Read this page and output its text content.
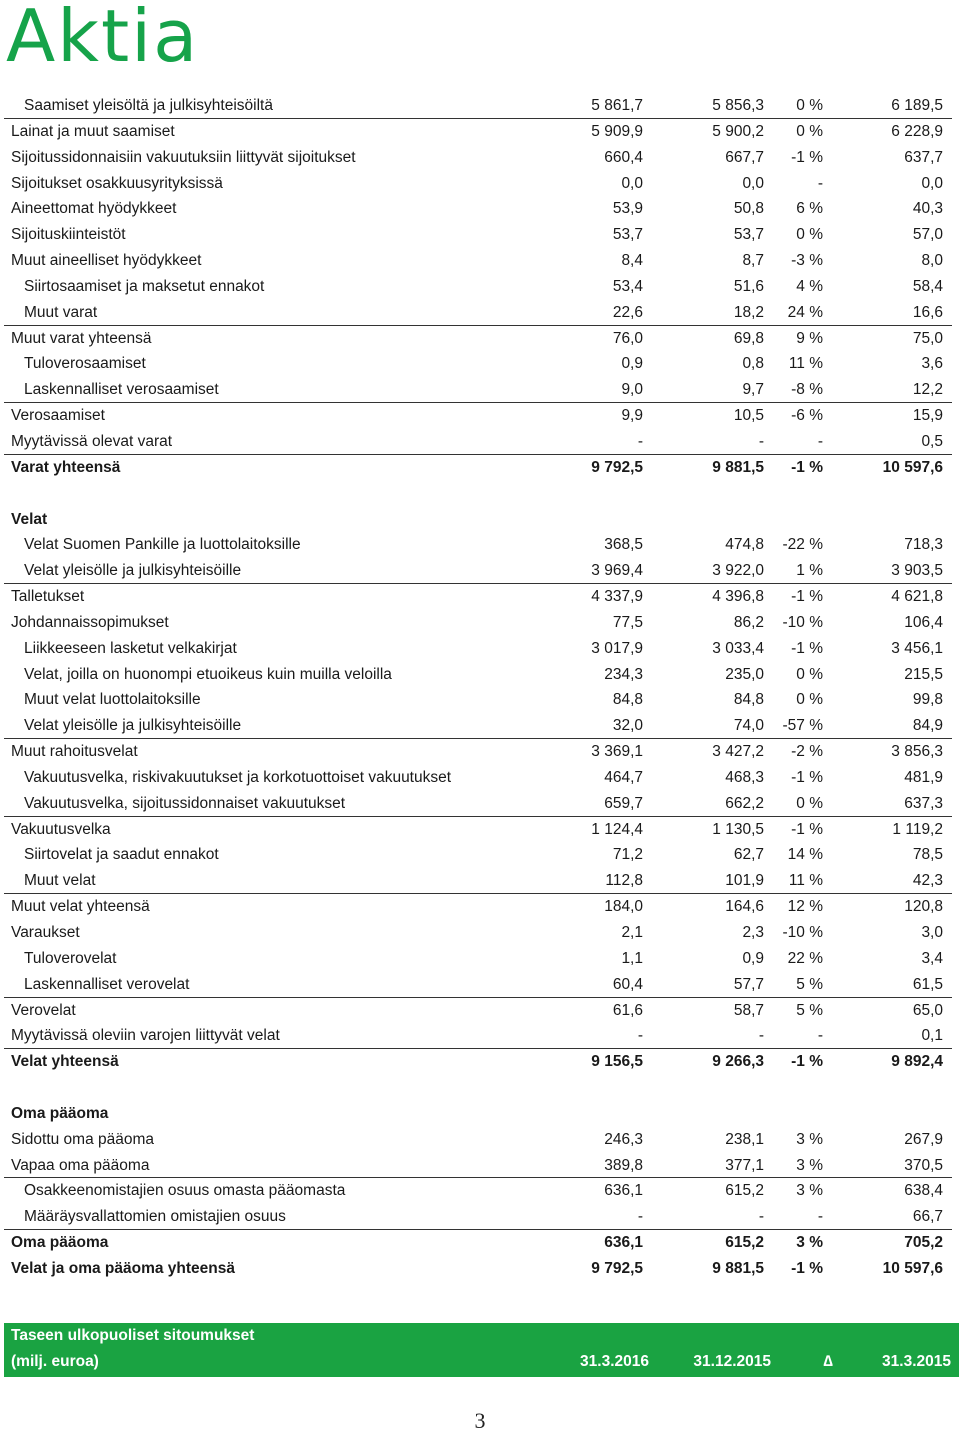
Aktia
Saamiset yleisöltä ja julkisyhteisöiltä	5 861,7	5 856,3 0 %	6 189,5
Lainat ja muut saamiset	5 909,9	5 900,2 0 %	6 228,9
Sijoitussidonnaisiin vakuutuksiin liittyvät sijoitukset	660,4	667,7 -1 %	637,7
Sijoitukset osakkuusyrityksissä	0,0	0,0	-	0,0
Aineettomat hyödykkeet	53,9	50,8 6 %	40,3
Sijoituskiinteistöt	53,7	53,7 0 %	57,0
Muut aineelliset hyödykkeet	8,4	8,7 -3 %	8,0
Siirtosaamiset ja maksetut ennakot	53,4	51,6 4 %	58,4
Muut varat	22,6	18,2 24 %	16,6
Muut varat yhteensä	76,0	69,8 9 %	75,0
Tuloverosaamiset	0,9	0,8 11 %	3,6
Laskennalliset verosaamiset	9,0	9,7 -8 %	12,2
Verosaamiset	9,9	10,5 -6 %	15,9
Myytävissä olevat varat	-	-	-	0,5
Varat yhteensä	9 792,5	9 881,5 -1 %	10 597,6
Velat
Velat Suomen Pankille ja luottolaitoksille	368,5	474,8 -22 %	718,3
Velat yleisölle ja julkisyhteisöille	3 969,4	3 922,0 1 %	3 903,5
Talletukset	4 337,9	4 396,8 -1 %	4 621,8
Johdannaissopimukset	77,5	86,2 -10 %	106,4
Liikkeeseen lasketut velkakirjat	3 017,9	3 033,4 -1 %	3 456,1
Velat, joilla on huonompi etuoikeus kuin muilla veloilla	234,3	235,0 0 %	215,5
Muut velat luottolaitoksille	84,8	84,8 0 %	99,8
Velat yleisölle ja julkisyhteisöille	32,0	74,0 -57 %	84,9
Muut rahoitusvelat	3 369,1	3 427,2 -2 %	3 856,3
Vakuutusvelka, riskivakuutukset ja korkotuottoiset vakuutukset	464,7	468,3 -1 %	481,9
Vakuutusvelka, sijoitussidonnaiset vakuutukset	659,7	662,2 0 %	637,3
Vakuutusvelka	1 124,4	1 130,5 -1 %	1 119,2
Siirtovelat ja saadut ennakot	71,2	62,7 14 %	78,5
Muut velat	112,8	101,9 11 %	42,3
Muut velat yhteensä	184,0	164,6 12 %	120,8
Varaukset	2,1	2,3 -10 %	3,0
Tuloverovelat	1,1	0,9 22 %	3,4
Laskennalliset verovelat	60,4	57,7 5 %	61,5
Verovelat	61,6	58,7 5 %	65,0
Myytävissä oleviin varojen liittyvät velat	-	-	-	0,1
Velat yhteensä	9 156,5	9 266,3 -1 %	9 892,4
Oma pääoma
Sidottu oma pääoma	246,3	238,1 3 %	267,9
Vapaa oma pääoma	389,8	377,1 3 %	370,5
Osakkeenomistajien osuus omasta pääomasta	636,1	615,2 3 %	638,4
Määräysvallattomien omistajien osuus	-	-	-	66,7
Oma pääoma	636,1	615,2 3 %	705,2
Velat ja oma pääoma yhteensä	9 792,5	9 881,5 -1 %	10 597,6
Taseen ulkopuoliset sitoumukset
(milj. euroa)	31.3.2016	31.12.2015	∆	31.3.2015
3
